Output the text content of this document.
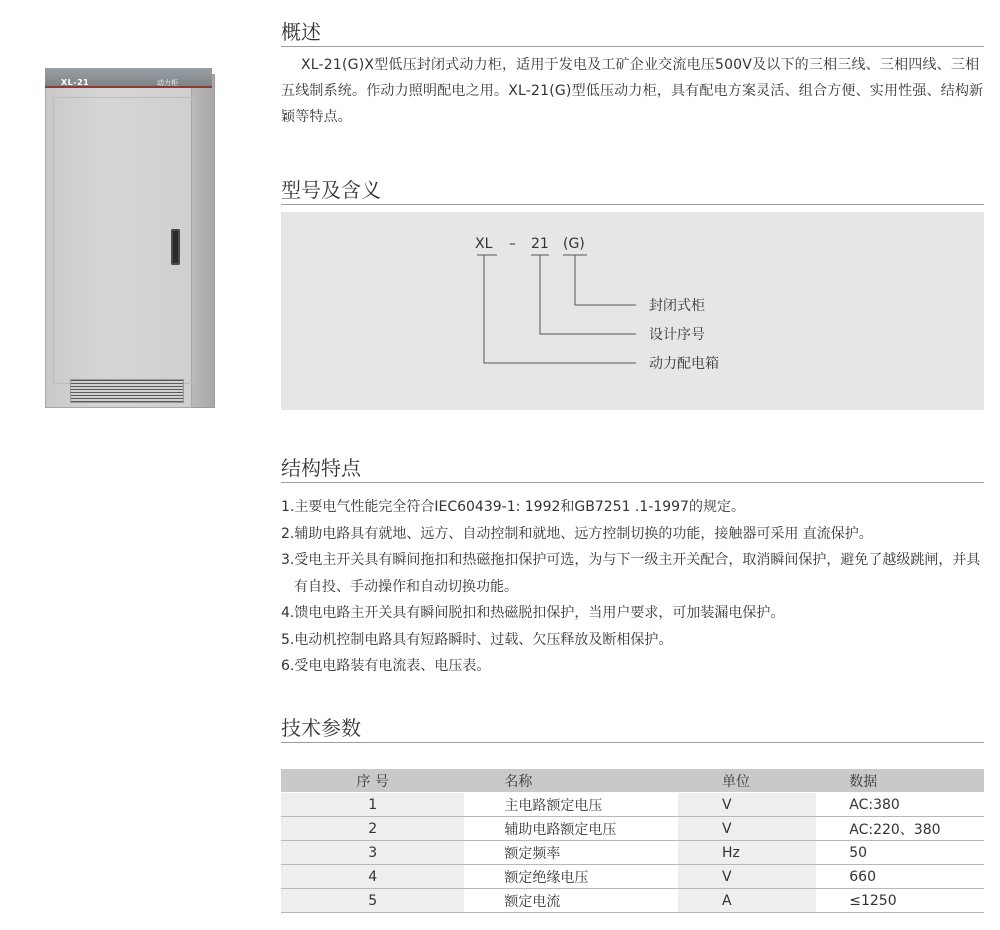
XL-21	动力柜
概述
XL-21(G)X型低压封闭式动力柜，适用于发电及工矿企业交流电压500V及以下的三相三线、三相四线、三相五线制系统。作动力照明配电之用。XL-21(G)型低压动力柜，具有配电方案灵活、组合方便、实用性强、结构新颖等特点。
型号及含义
XL – 21 (G)
封闭式柜
设计序号
动力配电箱
结构特点

1.主要电气性能完全符合IEC60439-1: 1992和GB7251 .1-1997的规定。

2.辅助电路具有就地、远方、自动控制和就地、远方控制切换的功能，接触器可采用 直流保护。

3.受电主开关具有瞬间拖扣和热磁拖扣保护可选，为与下一级主开关配合，取消瞬间保护，避免了越级跳闸，并具有自投、手动操作和自动切换功能。

4.馈电电路主开关具有瞬间脱扣和热磁脱扣保护，当用户要求，可加装漏电保护。

5.电动机控制电路具有短路瞬时、过载、欠压释放及断相保护。

6.受电电路装有电流表、电压表。

技术参数
序 号	名称	单位	数据
1	主电路额定电压	V	AC:380
2	辅助电路额定电压	V	AC:220、380
3	额定频率	Hz	50
4	额定绝缘电压	V	660
5	额定电流	A	≤1250
